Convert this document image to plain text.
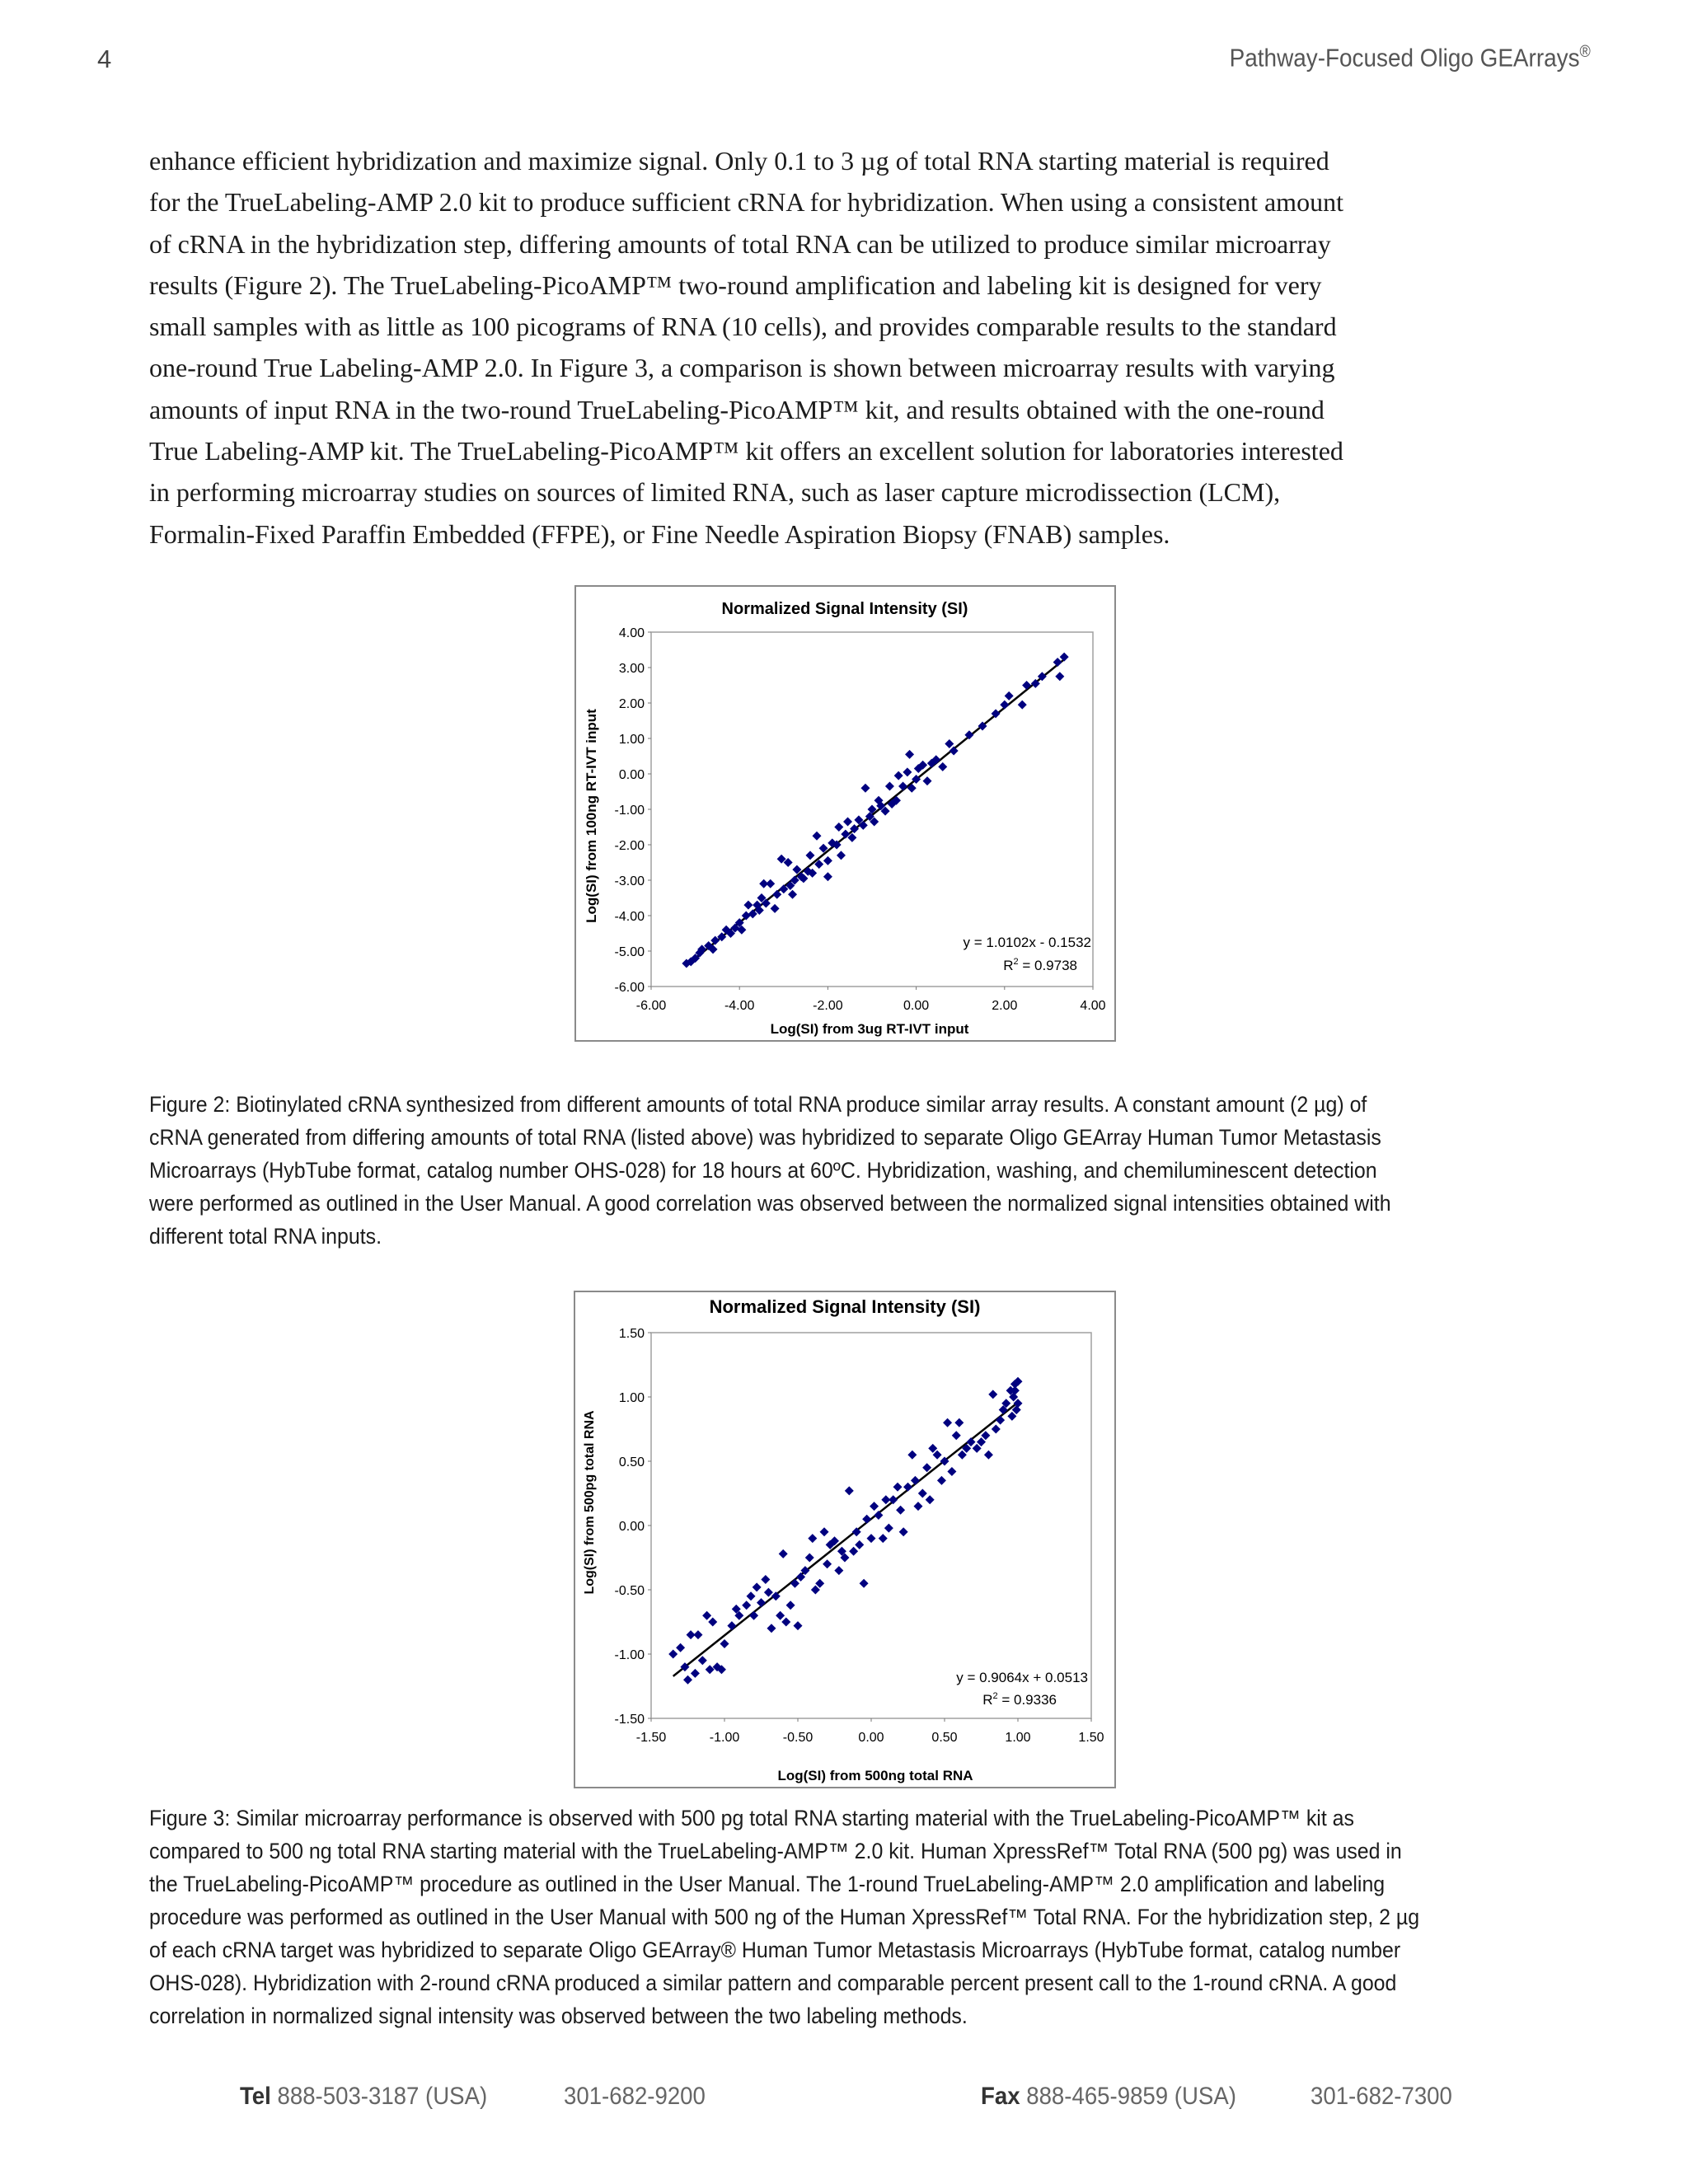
4	Pathway-Focused Oligo GEArrays®
enhance efficient hybridization and maximize signal. Only 0.1 to 3 µg of total RNA starting material is required
for the TrueLabeling-AMP 2.0 kit to produce sufficient cRNA for hybridization. When using a consistent amount
of cRNA in the hybridization step, differing amounts of total RNA can be utilized to produce similar microarray
results (Figure 2). The TrueLabeling-PicoAMP™ two-round amplification and labeling kit is designed for very
small samples with as little as 100 picograms of RNA (10 cells), and provides comparable results to the standard
one-round True Labeling-AMP 2.0. In Figure 3, a comparison is shown between microarray results with varying
amounts of input RNA in the two-round TrueLabeling-PicoAMP™ kit, and results obtained with the one-round
True Labeling-AMP kit. The TrueLabeling-PicoAMP™ kit offers an excellent solution for laboratories interested
in performing microarray studies on sources of limited RNA, such as laser capture microdissection (LCM),
Formalin-Fixed Paraffin Embedded (FFPE), or Fine Needle Aspiration Biopsy (FNAB) samples.
Normalized Signal Intensity (SI)
Log(SI) from 100ng RT-IVT input
Log(SI) from 3ug RT-IVT input
4.00
3.00
2.00
1.00
0.00
-1.00
-2.00
-3.00
-4.00
-5.00
-6.00
-6.00	-4.00	-2.00	0.00	2.00	4.00
y = 1.0102x - 0.1532
$R^2 = 0.9738$
Figure 2: Biotinylated cRNA synthesized from different amounts of total RNA produce similar array results. A constant amount (2 µg) of
cRNA generated from differing amounts of total RNA (listed above) was hybridized to separate Oligo GEArray Human Tumor Metastasis
Microarrays (HybTube format, catalog number OHS-028) for 18 hours at 60ºC. Hybridization, washing, and chemiluminescent detection
were performed as outlined in the User Manual. A good correlation was observed between the normalized signal intensities obtained with
different total RNA inputs.
Normalized Signal Intensity (SI)
Log(SI) from 500pg total RNA
Log(SI) from 500ng total RNA
1.50
1.00
0.50
0.00
-0.50
-1.00
-1.50
-1.50	-1.00	-0.50	0.00	0.50	1.00	1.50
y = 0.9064x + 0.0513
$R^2 = 0.9336$
Figure 3: Similar microarray performance is observed with 500 pg total RNA starting material with the TrueLabeling-PicoAMP™ kit as
compared to 500 ng total RNA starting material with the TrueLabeling-AMP™ 2.0 kit. Human XpressRef™ Total RNA (500 pg) was used in
the TrueLabeling-PicoAMP™ procedure as outlined in the User Manual. The 1-round TrueLabeling-AMP™ 2.0 amplification and labeling
procedure was performed as outlined in the User Manual with 500 ng of the Human XpressRef™ Total RNA. For the hybridization step, 2 µg
of each cRNA target was hybridized to separate Oligo GEArray® Human Tumor Metastasis Microarrays (HybTube format, catalog number
OHS-028). Hybridization with 2-round cRNA produced a similar pattern and comparable percent present call to the 1-round cRNA. A good
correlation in normalized signal intensity was observed between the two labeling methods.
Tel 888-503-3187 (USA)	301-682-9200	Fax 888-465-9859 (USA)	301-682-7300
